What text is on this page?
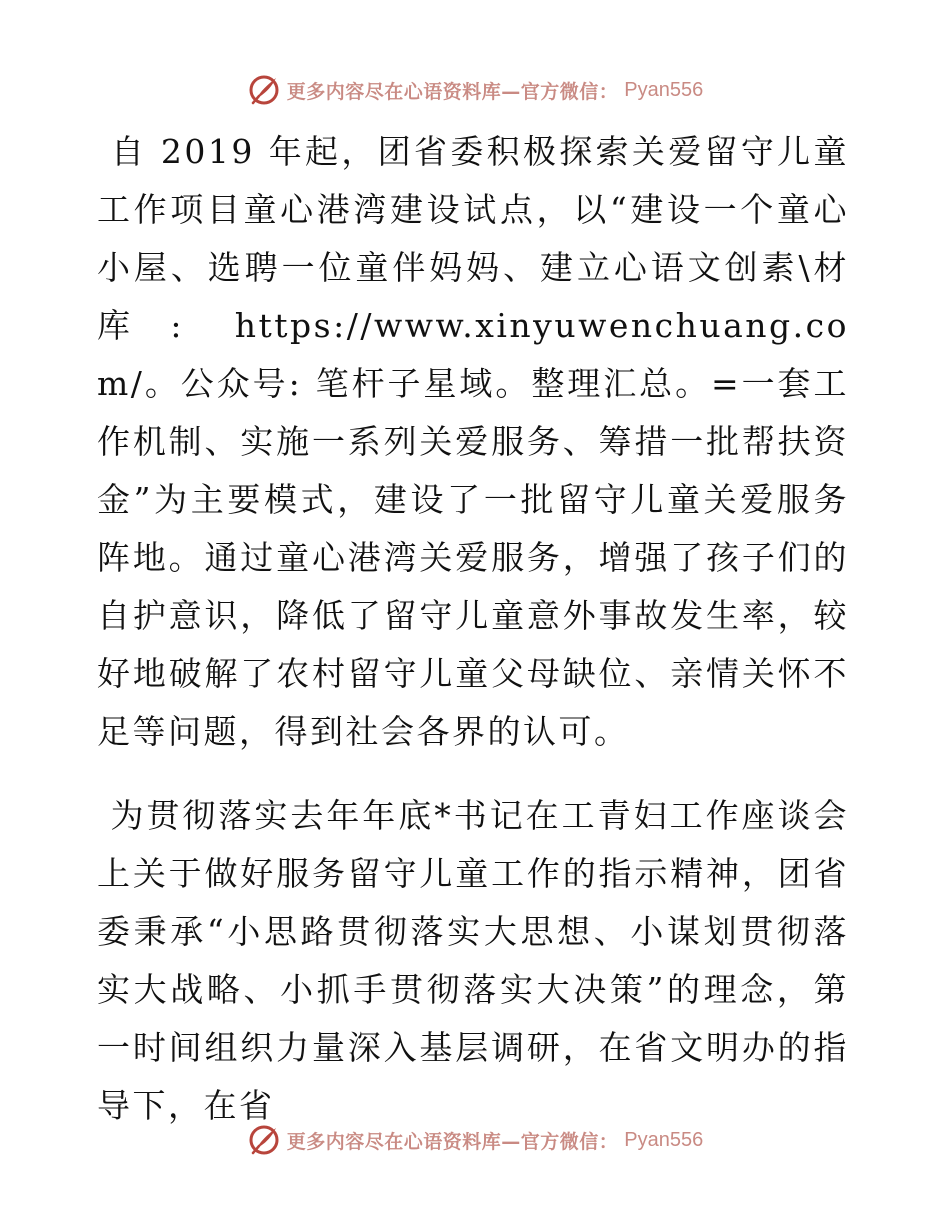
更多内容尽在心语资料库—官方微信： Pyan556

自 2019 年起，团省委积极探索关爱留守儿童工作项目童心港湾建设试点，以“建设一个童心小屋、选聘一位童伴妈妈、建立心语文创素\材库: https://www.xinyuwenchuang.com/。公众号: 笔杆子星域。整理汇总。=一套工作机制、实施一系列关爱服务、筹措一批帮扶资金”为主要模式，建设了一批留守儿童关爱服务阵地。通过童心港湾关爱服务，增强了孩子们的自护意识，降低了留守儿童意外事故发生率，较好地破解了农村留守儿童父母缺位、亲情关怀不足等问题，得到社会各界的认可。

为贯彻落实去年年底*书记在工青妇工作座谈会上关于做好服务留守儿童工作的指示精神，团省委秉承“小思路贯彻落实大思想、小谋划贯彻落实大战略、小抓手贯彻落实大决策”的理念，第一时间组织力量深入基层调研，在省文明办的指导下，在省

更多内容尽在心语资料库—官方微信： Pyan556
